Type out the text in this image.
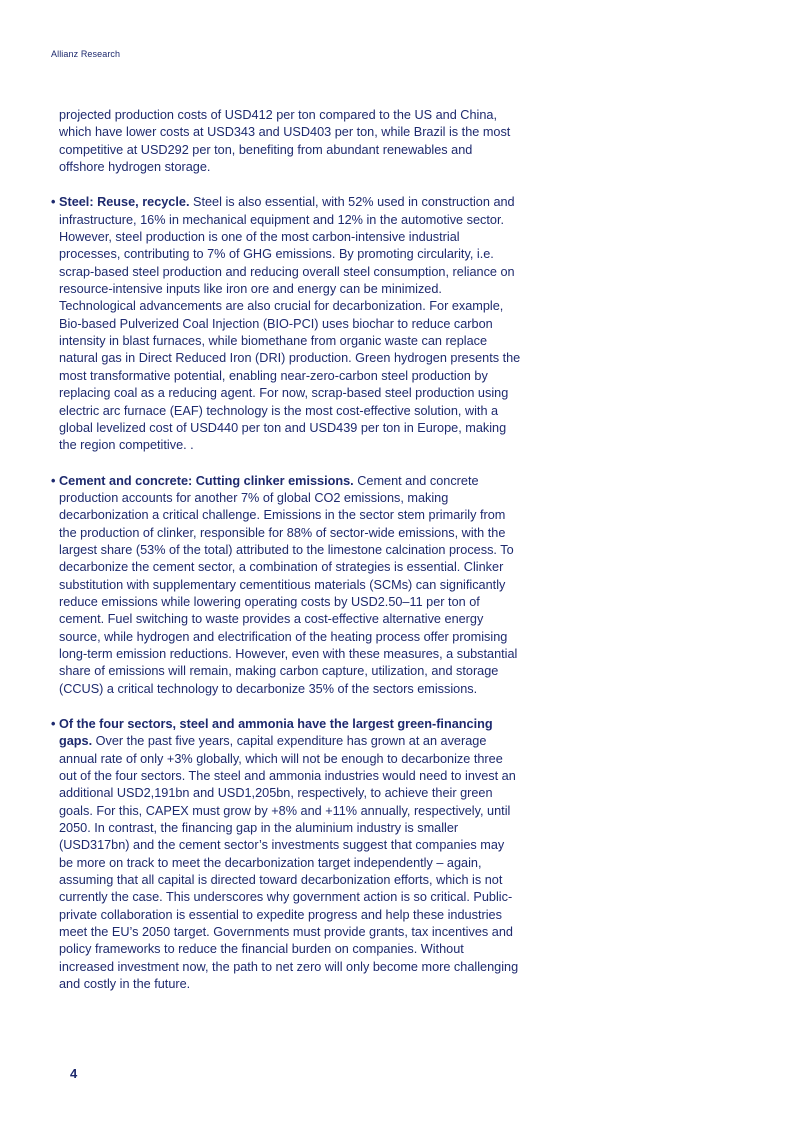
Allianz Research

projected production costs of USD412 per ton compared to the US and China, which have lower costs at USD343 and USD403 per ton, while Brazil is the most competitive at USD292 per ton, benefiting from abundant renewables and offshore hydrogen storage.

• Steel: Reuse, recycle. Steel is also essential, with 52% used in construction and infrastructure, 16% in mechanical equipment and 12% in the automotive sector. However, steel production is one of the most carbon-intensive industrial processes, contributing to 7% of GHG emissions. By promoting circularity, i.e. scrap-based steel production and reducing overall steel consumption, reliance on resource-intensive inputs like iron ore and energy can be minimized. Technological advancements are also crucial for decarbonization. For example, Bio-based Pulverized Coal Injection (BIO-PCI) uses biochar to reduce carbon intensity in blast furnaces, while biomethane from organic waste can replace natural gas in Direct Reduced Iron (DRI) production. Green hydrogen presents the most transformative potential, enabling near-zero-carbon steel production by replacing coal as a reducing agent. For now, scrap-based steel production using electric arc furnace (EAF) technology is the most cost-effective solution, with a global levelized cost of USD440 per ton and USD439 per ton in Europe, making the region competitive. .
• Cement and concrete: Cutting clinker emissions. Cement and concrete production accounts for another 7% of global CO2 emissions, making decarbonization a critical challenge. Emissions in the sector stem primarily from the production of clinker, responsible for 88% of sector-wide emissions, with the largest share (53% of the total) attributed to the limestone calcination process. To decarbonize the cement sector, a combination of strategies is essential. Clinker substitution with supplementary cementitious materials (SCMs) can significantly reduce emissions while lowering operating costs by USD2.50–11 per ton of cement. Fuel switching to waste provides a cost-effective alternative energy source, while hydrogen and electrification of the heating process offer promising long-term emission reductions. However, even with these measures, a substantial share of emissions will remain, making carbon capture, utilization, and storage (CCUS) a critical technology to decarbonize 35% of the sectors emissions.
• Of the four sectors, steel and ammonia have the largest green-financing gaps. Over the past five years, capital expenditure has grown at an average annual rate of only +3% globally, which will not be enough to decarbonize three out of the four sectors. The steel and ammonia industries would need to invest an additional USD2,191bn and USD1,205bn, respectively, to achieve their green goals. For this, CAPEX must grow by +8% and +11% annually, respectively, until 2050. In contrast, the financing gap in the aluminium industry is smaller (USD317bn) and the cement sector’s investments suggest that companies may be more on track to meet the decarbonization target independently – again, assuming that all capital is directed toward decarbonization efforts, which is not currently the case. This underscores why government action is so critical. Public-private collaboration is essential to expedite progress and help these industries meet the EU’s 2050 target. Governments must provide grants, tax incentives and policy frameworks to reduce the financial burden on companies. Without increased investment now, the path to net zero will only become more challenging and costly in the future.
4
